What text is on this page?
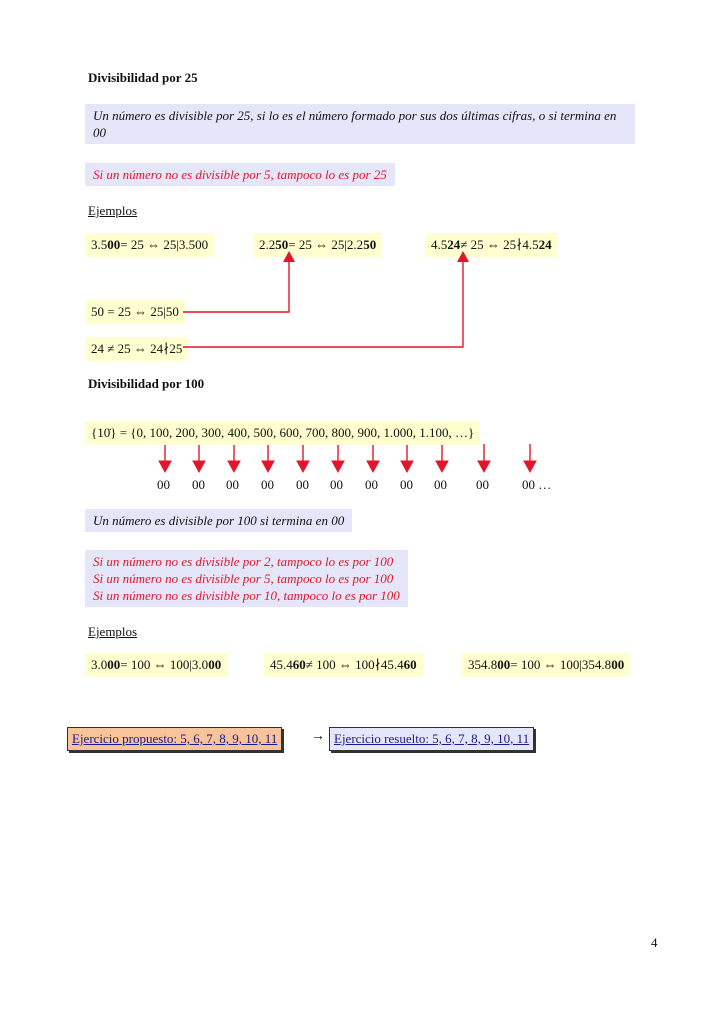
Divisibilidad por 25
Un número es divisible por 25, si lo es el número formado por sus dos últimas cifras, o si termina en 00
Si un número no es divisible por 5, tampoco lo es por 25
Ejemplos
3.500= 25 ⇔ 25|3.500	2.250= 25 ⇔ 25|2.250	4.524≠ 25 ⇔ 25∤4.524
50 = 25 ⇔ 25|50
24 ≠ 25 ⇔ 24∤25
Divisibilidad por 100
{10̇} = {0, 100, 200, 300, 400, 500, 600, 700, 800, 900, 1.000, 1.100, …}
00 00 00 00 00 00 00 00 00 00	00 …
Un número es divisible por 100 si termina en 00
Si un número no es divisible por 2, tampoco lo es por 100
Si un número no es divisible por 5, tampoco lo es por 100
Si un número no es divisible por 10, tampoco lo es por 100
Ejemplos
3.000= 100 ⇔ 100|3.000	45.460≠ 100 ⇔ 100∤45.460	354.800= 100 ⇔ 100|354.800
Ejercicio propuesto: 5, 6, 7, 8, 9, 10, 11	→ Ejercicio resuelto: 5, 6, 7, 8, 9, 10, 11
4
